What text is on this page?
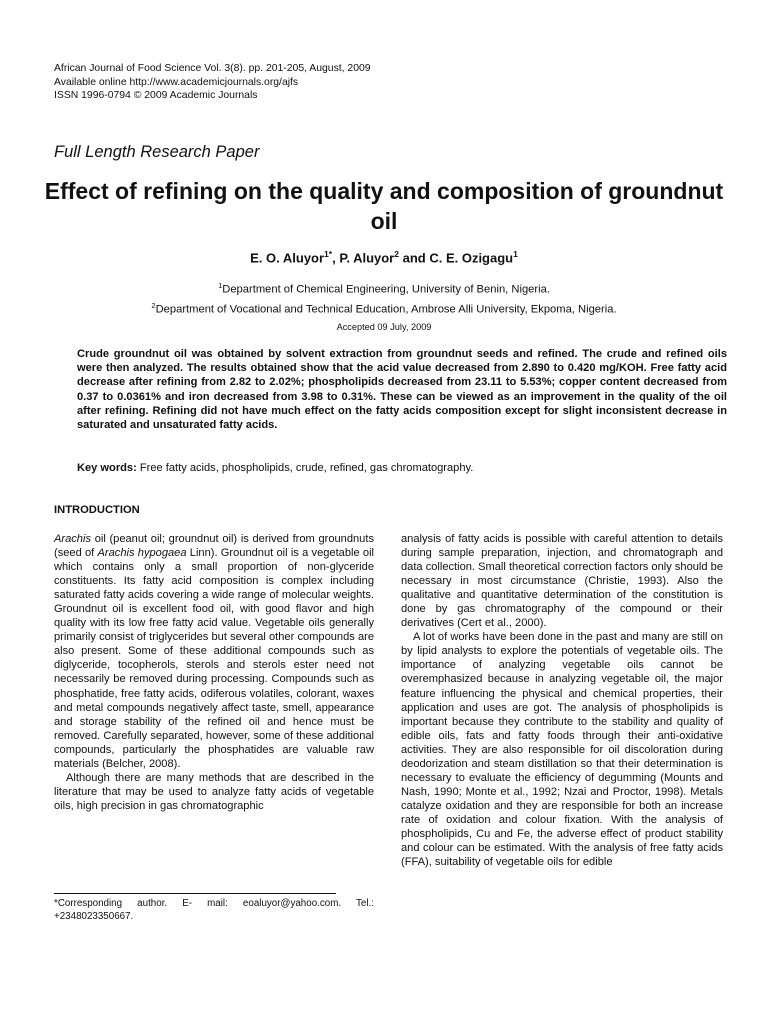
African Journal of Food Science Vol. 3(8). pp. 201-205, August, 2009
Available online http://www.academicjournals.org/ajfs
ISSN 1996-0794 © 2009 Academic Journals
Full Length Research Paper
Effect of refining on the quality and composition of groundnut oil
E. O. Aluyor$^{1*}$, P. Aluyor$^2$ and C. E. Ozigagu$^1$
$^1$Department of Chemical Engineering, University of Benin, Nigeria.
$^2$Department of Vocational and Technical Education, Ambrose Alli University, Ekpoma, Nigeria.
Accepted 09 July, 2009
Crude groundnut oil was obtained by solvent extraction from groundnut seeds and refined. The crude and refined oils were then analyzed. The results obtained show that the acid value decreased from 2.890 to 0.420 mg/KOH. Free fatty acid decrease after refining from 2.82 to 2.02%; phospholipids decreased from 23.11 to 5.53%; copper content decreased from 0.37 to 0.0361% and iron decreased from 3.98 to 0.31%. These can be viewed as an improvement in the quality of the oil after refining. Refining did not have much effect on the fatty acids composition except for slight inconsistent decrease in saturated and unsaturated fatty acids.
Key words: Free fatty acids, phospholipids, crude, refined, gas chromatography.
INTRODUCTION

Arachis oil (peanut oil; groundnut oil) is derived from groundnuts (seed of Arachis hypogaea Linn). Groundnut oil is a vegetable oil which contains only a small proportion of non-glyceride constituents. Its fatty acid composition is complex including saturated fatty acids covering a wide range of molecular weights. Groundnut oil is excellent food oil, with good flavor and high quality with its low free fatty acid value. Vegetable oils generally primarily consist of triglycerides but several other compounds are also present. Some of these additional compounds such as diglyceride, tocopherols, sterols and sterols ester need not necessarily be removed during processing. Compounds such as phosphatide, free fatty acids, odiferous volatiles, colorant, waxes and metal compounds negatively affect taste, smell, appearance and storage stability of the refined oil and hence must be removed. Carefully separated, however, some of these additional compounds, particularly the phosphatides are valuable raw materials (Belcher, 2008).

Although there are many methods that are described in the literature that may be used to analyze fatty acids of vegetable oils, high precision in gas chromatographic

analysis of fatty acids is possible with careful attention to details during sample preparation, injection, and chromatograph and data collection. Small theoretical correction factors only should be necessary in most circumstance (Christie, 1993). Also the qualitative and quantitative determination of the constitution is done by gas chromatography of the compound or their derivatives (Cert et al., 2000).

A lot of works have been done in the past and many are still on by lipid analysts to explore the potentials of vegetable oils. The importance of analyzing vegetable oils cannot be overemphasized because in analyzing vegetable oil, the major feature influencing the physical and chemical properties, their application and uses are got. The analysis of phospholipids is important because they contribute to the stability and quality of edible oils, fats and fatty foods through their anti-oxidative activities. They are also responsible for oil discoloration during deodorization and steam distillation so that their determination is necessary to evaluate the efficiency of degumming (Mounts and Nash, 1990; Monte et al., 1992; Nzai and Proctor, 1998). Metals catalyze oxidation and they are responsible for both an increase rate of oxidation and colour fixation. With the analysis of phospholipids, Cu and Fe, the adverse effect of product stability and colour can be estimated. With the analysis of free fatty acids (FFA), suitability of vegetable oils for edible

*Corresponding author. E- mail: eoaluyor@yahoo.com. Tel.: +2348023350667.
